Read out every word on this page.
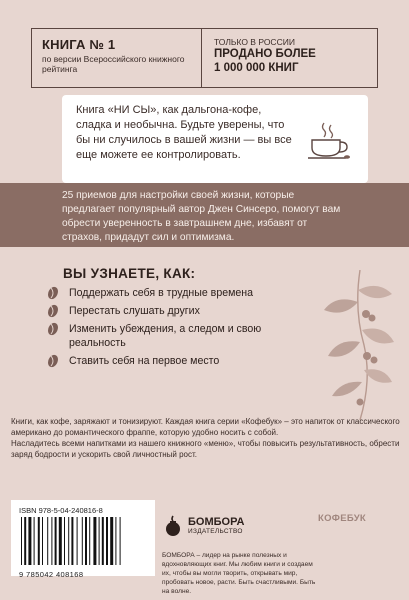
КНИГА № 1
по версии Всероссийского книжного рейтинга
ТОЛЬКО В РОССИИ
ПРОДАНО БОЛЕЕ
1 000 000 КНИГ
Книга «НИ СЫ», как дальгона-кофе, сладка и необычна. Будьте уверены, что бы ни случилось в вашей жизни — вы все еще можете ее контролировать.
25 приемов для настройки своей жизни, которые предлагает популярный автор Джен Синсеро, помогут вам обрести уверенность в завтрашнем дне, избавят от страхов, придадут сил и оптимизма.
ВЫ УЗНАЕТЕ, КАК:
Поддержать себя в трудные времена
Перестать слушать других
Изменить убеждения, а следом и свою реальность
Ставить себя на первое место

Книги, как кофе, заряжают и тонизируют. Каждая книга серии «Кофебук» – это напиток от классического американо до романтического фраппе, которую удобно носить с собой.

Насладитесь всеми напитками из нашего книжного «меню», чтобы повысить результативность, обрести заряд бодрости и ускорить свой личностный рост.

ISBN 978-5-04-240816-8
9 785042 408168
БОМБОРА
ИЗДАТЕЛЬСТВО
БОМБОРА – лидер на рынке полезных и вдохновляющих книг. Мы любим книги и создаем их, чтобы вы могли творить, открывать мир, пробовать новое, расти. Быть счастливыми. Быть на волне.
КОФЕБУК
